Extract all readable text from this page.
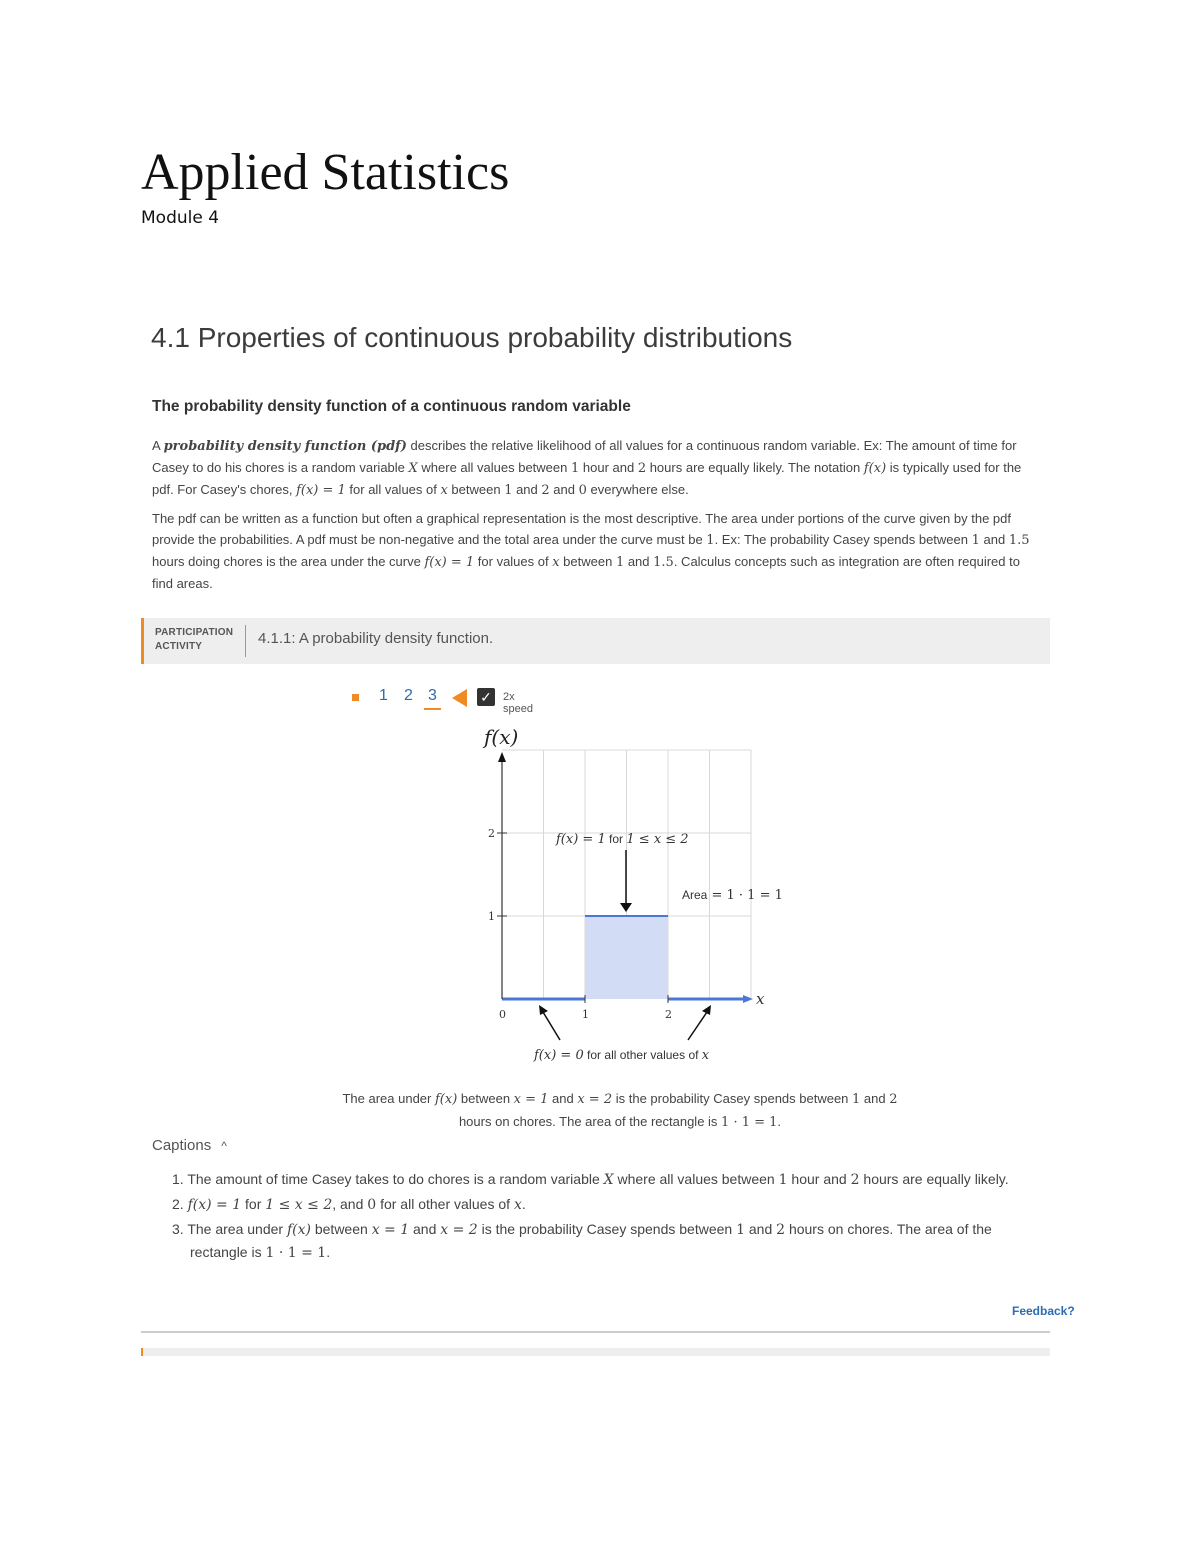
Applied Statistics
Module 4
4.1 Properties of continuous probability distributions
The probability density function of a continuous random variable

A probability density function (pdf) describes the relative likelihood of all values for a continuous random variable. Ex: The amount of time for Casey to do his chores is a random variable X where all values between 1 hour and 2 hours are equally likely. The notation f(x) is typically used for the pdf. For Casey's chores, f(x) = 1 for all values of x between 1 and 2 and 0 everywhere else.

The pdf can be written as a function but often a graphical representation is the most descriptive. The area under portions of the curve given by the pdf provide the probabilities. A pdf must be non-negative and the total area under the curve must be 1. Ex: The probability Casey spends between 1 and 1.5 hours doing chores is the area under the curve f(x) = 1 for values of x between 1 and 1.5. Calculus concepts such as integration are often required to find areas.

PARTICIPATION
ACTIVITY	4.1.1: A probability density function.
1 2 3	✓ 2x speed
1
2
0	1	2
f(x)
x
f(x) = 1 for 1 ≤ x ≤ 2
Area = 1 · 1 = 1
f(x) = 0 for all other values of x
The area under f(x) between x = 1 and x = 2 is the probability Casey spends between 1 and 2 hours on chores. The area of the rectangle is 1 · 1 = 1.
Captions ^
1. The amount of time Casey takes to do chores is a random variable X where all values between 1 hour and 2 hours are equally likely.
2. f(x) = 1 for 1 ≤ x ≤ 2, and 0 for all other values of x.
3. The area under f(x) between x = 1 and x = 2 is the probability Casey spends between 1 and 2 hours on chores. The area of the rectangle is 1 · 1 = 1.
Feedback?
